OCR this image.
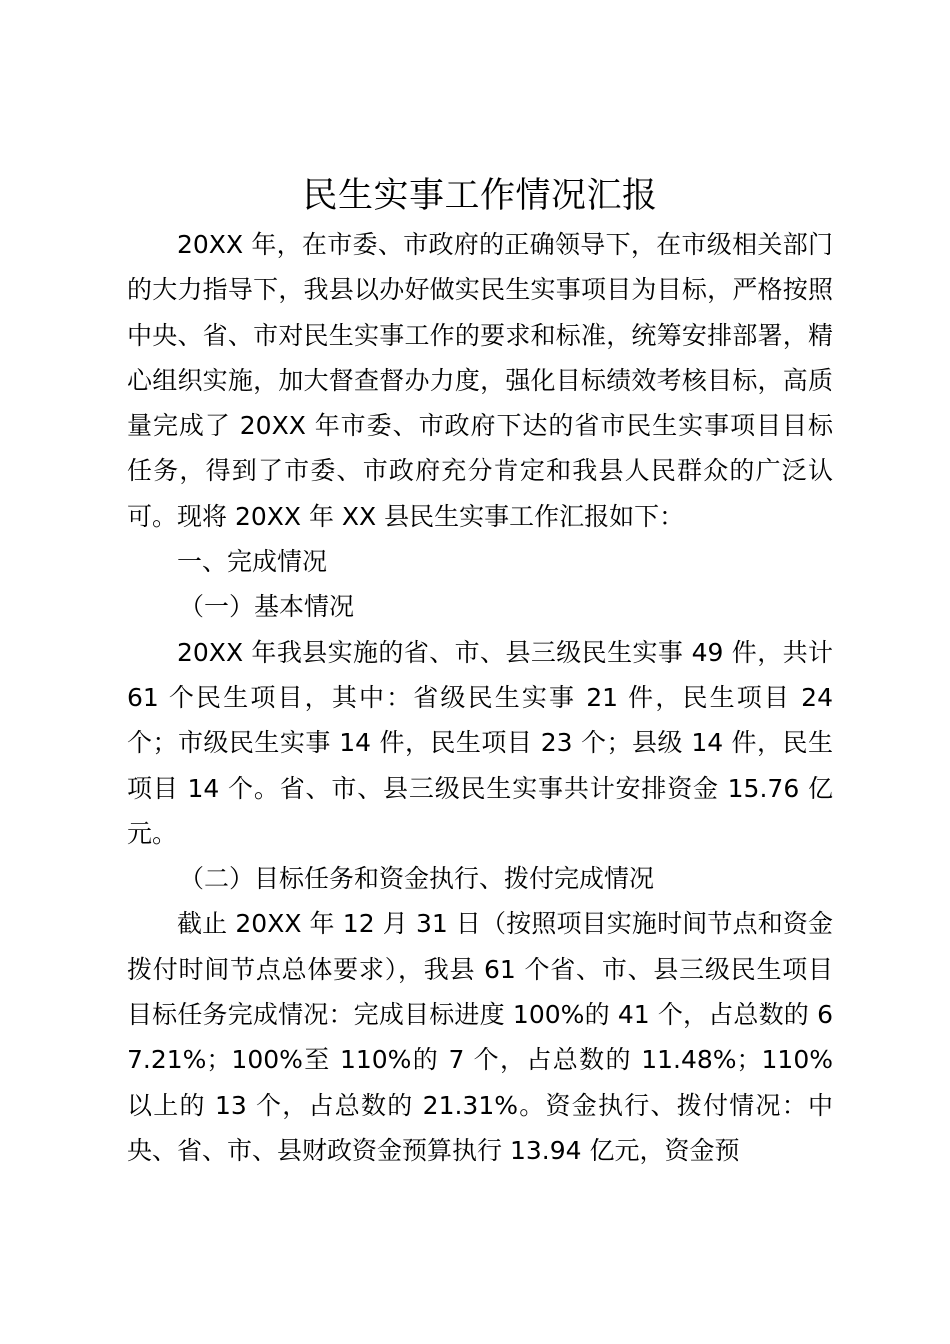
民生实事工作情况汇报

20XX 年，在市委、市政府的正确领导下，在市级相关部门的大力指导下，我县以办好做实民生实事项目为目标，严格按照中央、省、市对民生实事工作的要求和标准，统筹安排部署，精心组织实施，加大督查督办力度，强化目标绩效考核目标，高质量完成了 20XX 年市委、市政府下达的省市民生实事项目目标任务，得到了市委、市政府充分肯定和我县人民群众的广泛认可。现将 20XX 年 XX 县民生实事工作汇报如下：

一、完成情况

（一）基本情况

20XX 年我县实施的省、市、县三级民生实事 49 件，共计 61 个民生项目，其中：省级民生实事 21 件，民生项目 24 个；市级民生实事 14 件，民生项目 23 个；县级 14 件，民生项目 14 个。省、市、县三级民生实事共计安排资金 15.76 亿元。

（二）目标任务和资金执行、拨付完成情况

截止 20XX 年 12 月 31 日（按照项目实施时间节点和资金拨付时间节点总体要求），我县 61 个省、市、县三级民生项目目标任务完成情况：完成目标进度 100%的 41 个，占总数的 67.21%；100%至 110%的 7 个，占总数的 11.48%；110%以上的 13 个，占总数的 21.31%。资金执行、拨付情况：中央、省、市、县财政资金预算执行 13.94 亿元，资金预
